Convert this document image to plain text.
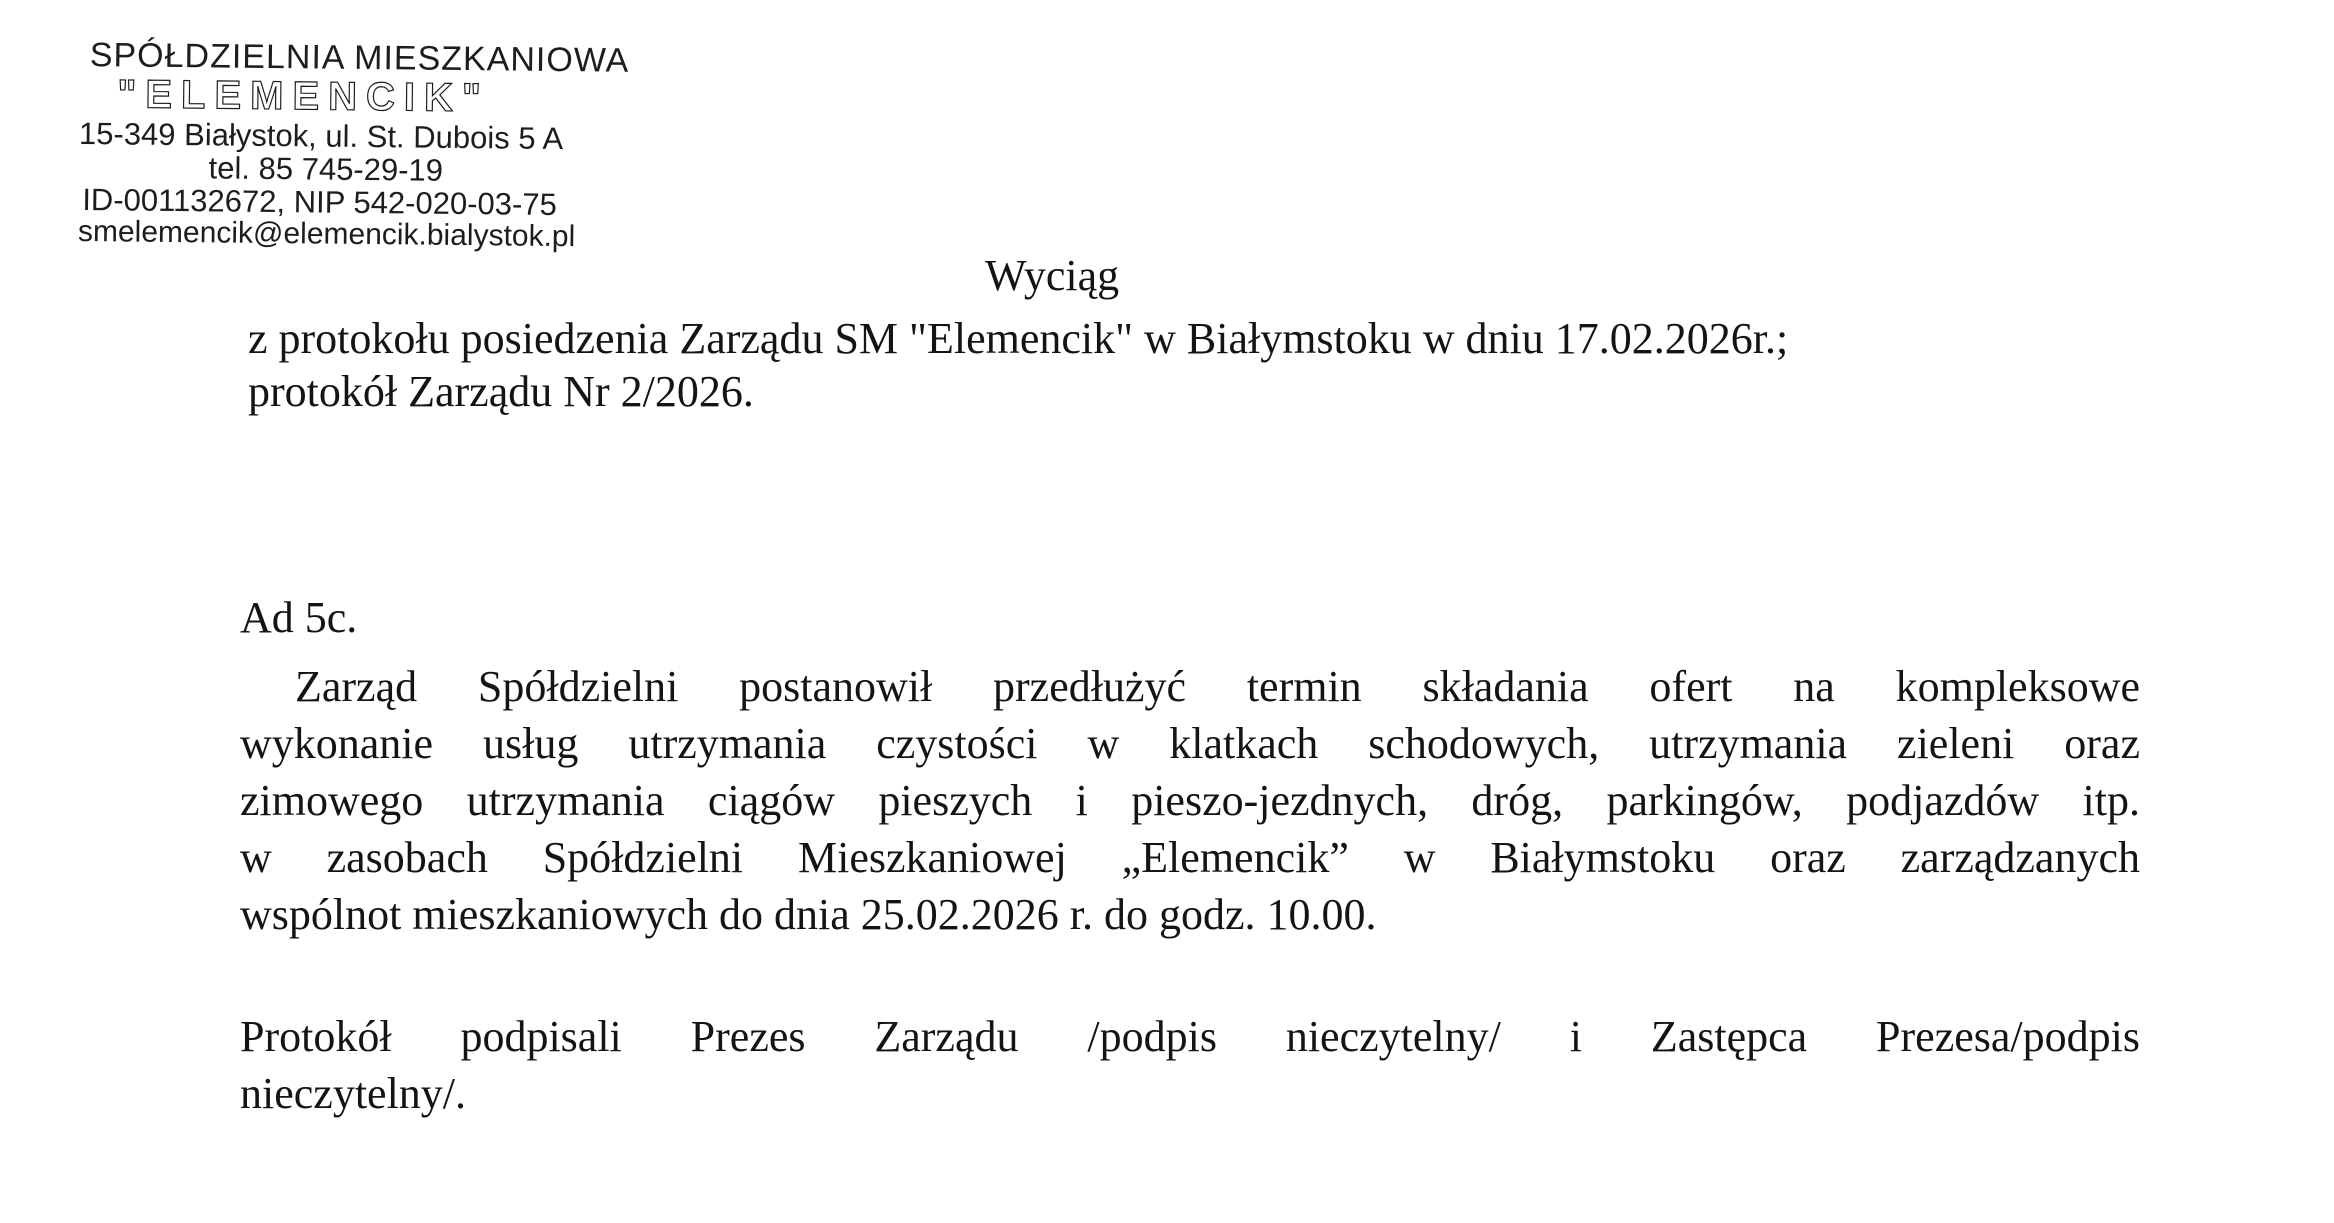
SPÓŁDZIELNIA MIESZKANIOWA
"ELEMENCIK"
15-349 Białystok, ul. St. Dubois 5 A
tel. 85 745-29-19
ID-001132672, NIP 542-020-03-75
smelemencik@elemencik.bialystok.pl
Wyciąg
z protokołu posiedzenia Zarządu SM "Elemencik" w Białymstoku w dniu 17.02.2026r.;
protokół Zarządu Nr 2/2026.
Ad 5c.
Zarząd Spółdzielni postanowił przedłużyć termin składania ofert na kompleksowe
wykonanie usług utrzymania czystości w klatkach schodowych, utrzymania zieleni oraz
zimowego utrzymania ciągów pieszych i pieszo-jezdnych, dróg, parkingów, podjazdów itp.
w zasobach Spółdzielni Mieszkaniowej „Elemencik” w Białymstoku oraz zarządzanych
wspólnot mieszkaniowych do dnia 25.02.2026 r. do godz. 10.00.
Protokół podpisali Prezes Zarządu /podpis nieczytelny/ i Zastępca Prezesa/podpis
nieczytelny/.
